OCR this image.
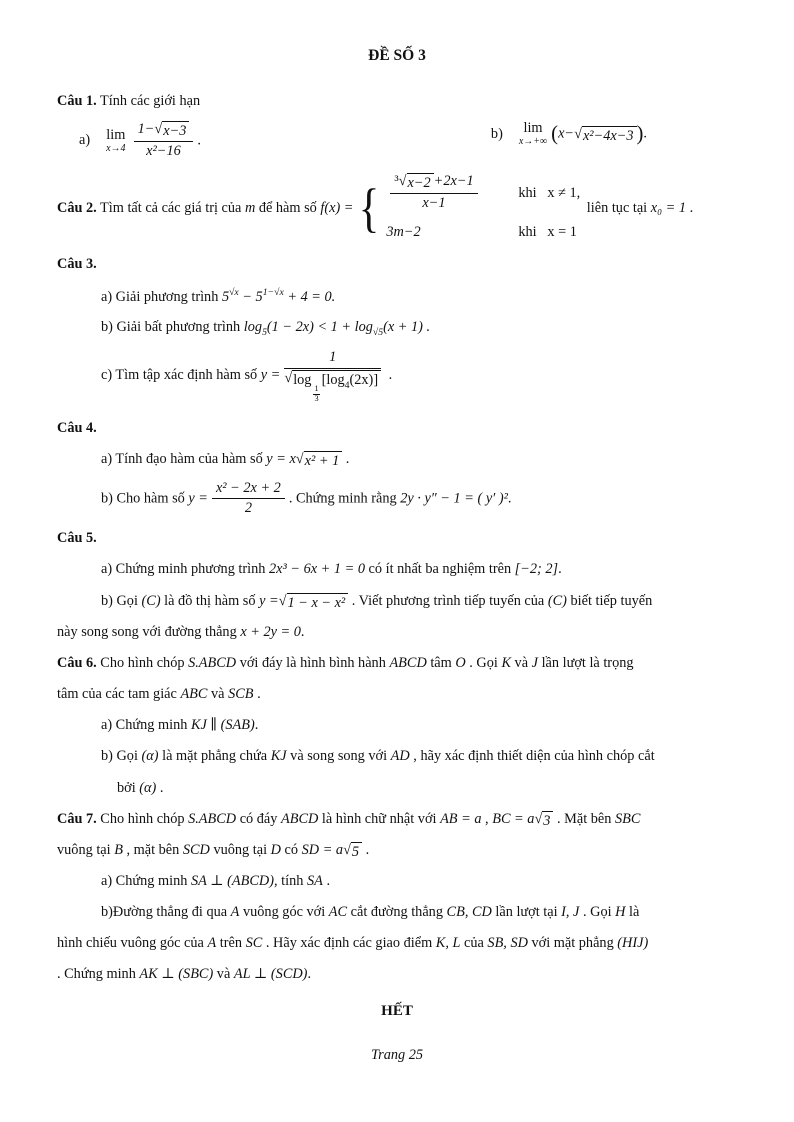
ĐỀ SỐ 3

Câu 1. Tính các giới hạn

a) lim
$x\to 4 \frac{1- √ x-3}{\text{x²−16}}$ .	b) lim
x→+∞ (x− √ x²−4x−3 ).
Câu 2. Tìm tất cả các giá trị của m để hàm số f(x) = { $\frac{\text{³√ x−2 +2x−1}}{x-1}$	khi   x ≠ 1,
3m−2	khi   x = 1
liên tục tại x₀ = 1 .

Câu 3.

a) Giải phương trình $5^{√x} - 5^{1-√x} + 4 = 0$.

b) Giải bất phương trình $\log_5(1 - 2x) < 1 + \log_{√5}(x + 1)$ .

c) Tìm tập xác định hàm số y = 1
√ log
$_{\frac{1}{3}}$
$[\log_4(2x)]$ .

Câu 4.

a) Tính đạo hàm của hàm số y = x √ x² + 1 .

b) Cho hàm số $y = \frac{\text{x² − 2x + 2}}{2}$ . Chứng minh rằng 2y · y″ − 1 = ( y′ )².

Câu 5.

a) Chứng minh phương trình 2x³ − 6x + 1 = 0 có ít nhất ba nghiệm trên [−2; 2].

b) Gọi (C) là đồ thị hàm số y = √ 1 − x − x² . Viết phương trình tiếp tuyến của (C) biết tiếp tuyến

này song song với đường thẳng x + 2y = 0.

Câu 6. Cho hình chóp S.ABCD với đáy là hình bình hành ABCD tâm O . Gọi K và J lần lượt là trọng

tâm của các tam giác ABC và SCB .

a) Chứng minh KJ ∥ (SAB).

b) Gọi (α) là mặt phẳng chứa KJ và song song với AD , hãy xác định thiết diện của hình chóp cắt

bởi (α) .

Câu 7. Cho hình chóp S.ABCD có đáy ABCD là hình chữ nhật với AB = a , BC = a √ 3 . Mặt bên SBC

vuông tại B , mặt bên SCD vuông tại D có SD = a √ 5 .

a) Chứng minh SA ⊥ (ABCD), tính SA .

b)Đường thẳng đi qua A vuông góc với AC cắt đường thẳng CB, CD lần lượt tại I, J . Gọi H là

hình chiếu vuông góc của A trên SC . Hãy xác định các giao điểm K, L của SB, SD với mặt phẳng (HIJ)

. Chứng minh AK ⊥ (SBC) và AL ⊥ (SCD).

HẾT

Trang 25
